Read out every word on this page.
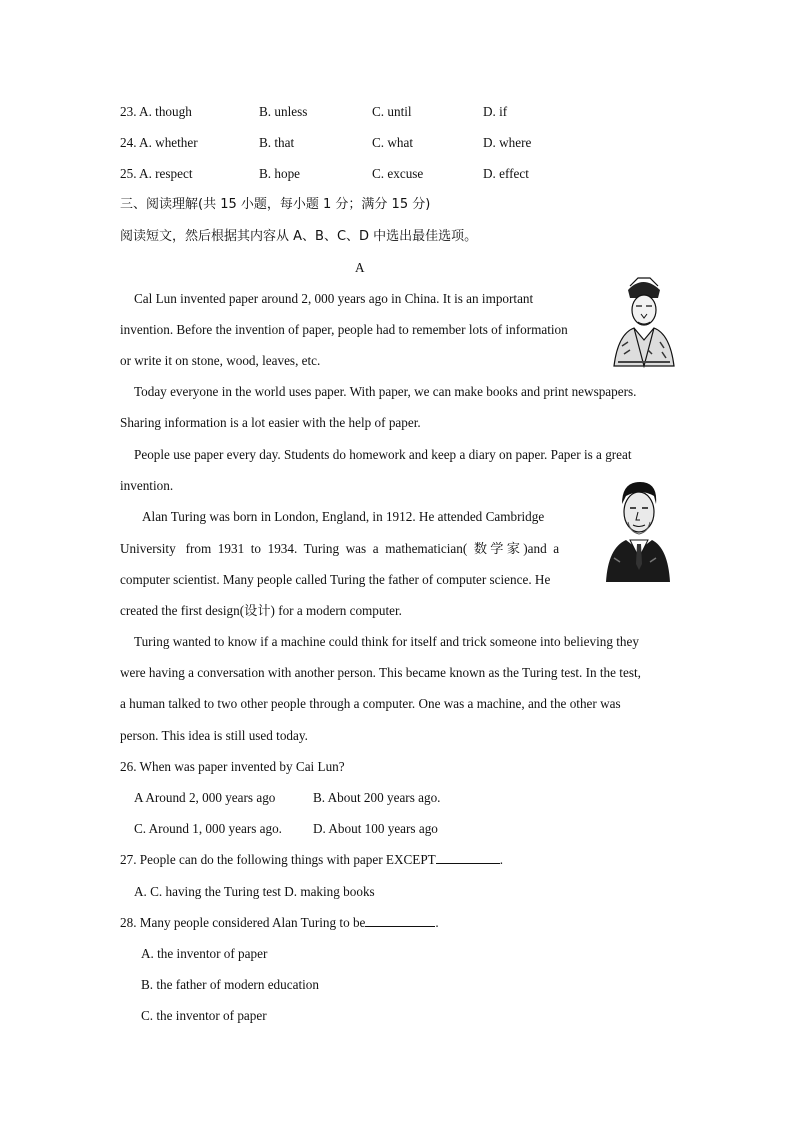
23. A. though	B. unless	C. until	D. if
24. A. whether	B. that	C. what	D. where
25. A. respect	B. hope	C. excuse	D. effect
三、阅读理解(共 15 小题，每小题 1 分；满分 15 分)
阅读短文，然后根据其内容从 A、B、C、D 中选出最佳选项。
A
Cal Lun invented paper around 2, 000 years ago in China. It is an important
invention. Before the invention of paper, people had to remember lots of information
or write it on stone, wood, leaves, etc.
Today everyone in the world uses paper. With paper, we can make books and print newspapers.
Sharing information is a lot easier with the help of paper.
People use paper every day. Students do homework and keep a diary on paper. Paper is a great
invention.
Alan Turing was born in London, England, in 1912. He attended Cambridge
University   from  1931  to  1934.  Turing  was  a  mathematician(  数 学 家 )and  a
computer scientist. Many people called Turing the father of computer science. He
created the first design(设计) for a modern computer.
Turing wanted to know if a machine could think for itself and trick someone into believing they
were having a conversation with another person. This became known as the Turing test. In the test,
a human talked to two other people through a computer. One was a machine, and the other was
person. This idea is still used today.
26. When was paper invented by Cai Lun?
A Around 2, 000 years ago	B. About 200 years ago.
C. Around 1, 000 years ago. D. About 100 years ago
27. People can do the following things with paper EXCEPT	.
A. C. having the Turing test D. making books
28. Many people considered Alan Turing to be	.
A. the inventor of paper
B. the father of modern education
C. the inventor of paper
